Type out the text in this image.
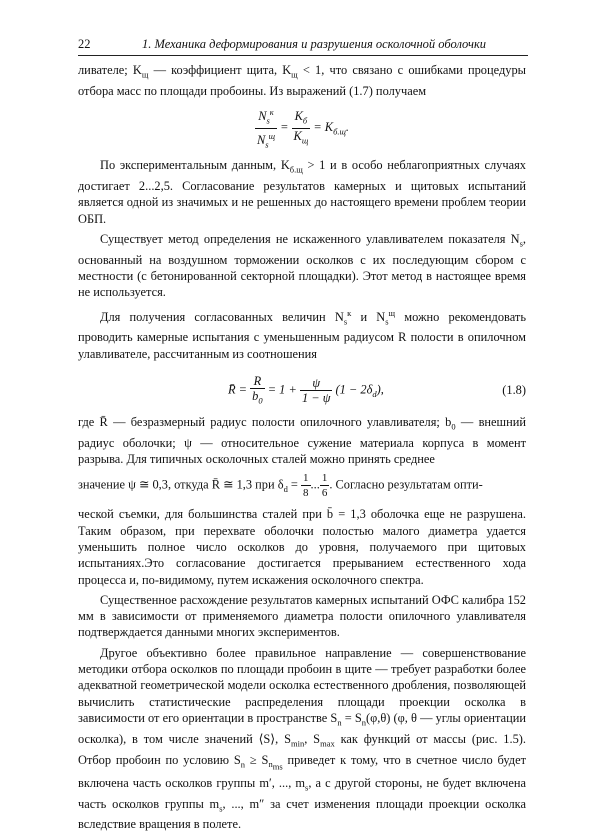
22	1. Механика деформирования и разрушения осколочной оболочки

ливателе; $K_щ$ — коэффициент щита, $K_щ < 1$, что связано с ошибками процедуры отбора масс по площади пробоины. Из выражений (1.7) получаем

$\frac{N_s^к}{N_s^щ} = \frac{K_б}{K_щ} = K_{б.щ}$.

По экспериментальным данным, $K_{б.щ} > 1$ и в особо неблагоприятных случаях достигает 2...2,5. Согласование результатов камерных и щитовых испытаний является одной из значимых и не решенных до настоящего времени проблем теории ОБП.

Существует метод определения не искаженного улавливателем показателя $N_s$, основанный на воздушном торможении осколков с их последующим сбором с местности (с бетонированной секторной площадки). Этот метод в настоящее время не используется.

Для получения согласованных величин $N_s^к$ и $N_s^щ$ можно рекомендовать проводить камерные испытания с уменьшенным радиусом R полости в опилочном улавливателе, рассчитанным из соотношения

R̄ = $\frac{R}{b_0} = 1 + \frac{\psi}{1 - \psi} (1 - 2\delta_d)$,	(1.8)

где R̄ — безразмерный радиус полости опилочного улавливателя; $b_0$ — внешний радиус оболочки; ψ — относительное сужение материала корпуса в момент разрыва. Для типичных осколочных сталей можно принять среднее

значение ψ ≅ 0,3, откуда R̄ ≅ 1,3 при $\delta_d = \frac{1}{8}$ ... $\frac{1}{6}$ . Согласно результатам опти-

ческой съемки, для большинства сталей при b̄ = 1,3 оболочка еще не разрушена. Таким образом, при перехвате оболочки полостью малого диаметра удается уменьшить полное число осколков до уровня, получаемого при щитовых испытаниях.Это согласование достигается прерыванием естественного хода процесса и, по-видимому, путем искажения осколочного спектра.

Существенное расхождение результатов камерных испытаний ОФС калибра 152 мм в зависимости от применяемого диаметра полости опилочного улавливателя подтверждается данными многих экспериментов.

Другое объективно более правильное направление — совершенствование методики отбора осколков по площади пробоин в щите — требует разработки более адекватной геометрической модели осколка естественного дробления, позволяющей вычислить статистические распределения площади проекции осколка в зависимости от его ориентации в пространстве $S_n = S_n(\varphi,\theta)$ (φ, θ — углы ориентации осколка), в том числе значений ⟨S⟩, $S_{min}$, $S_{max}$ как функций от массы (рис. 1.5). Отбор пробоин по условию $S_n \ge S_{n_{ms}}$ приведет к тому, что в счетное число будет включена часть осколков группы m′, ..., $m_s$, а с другой стороны, не будет включена часть осколков группы $m_s$, ..., m″ за счет изменения площади проекции осколка вследствие вращения в полете.
